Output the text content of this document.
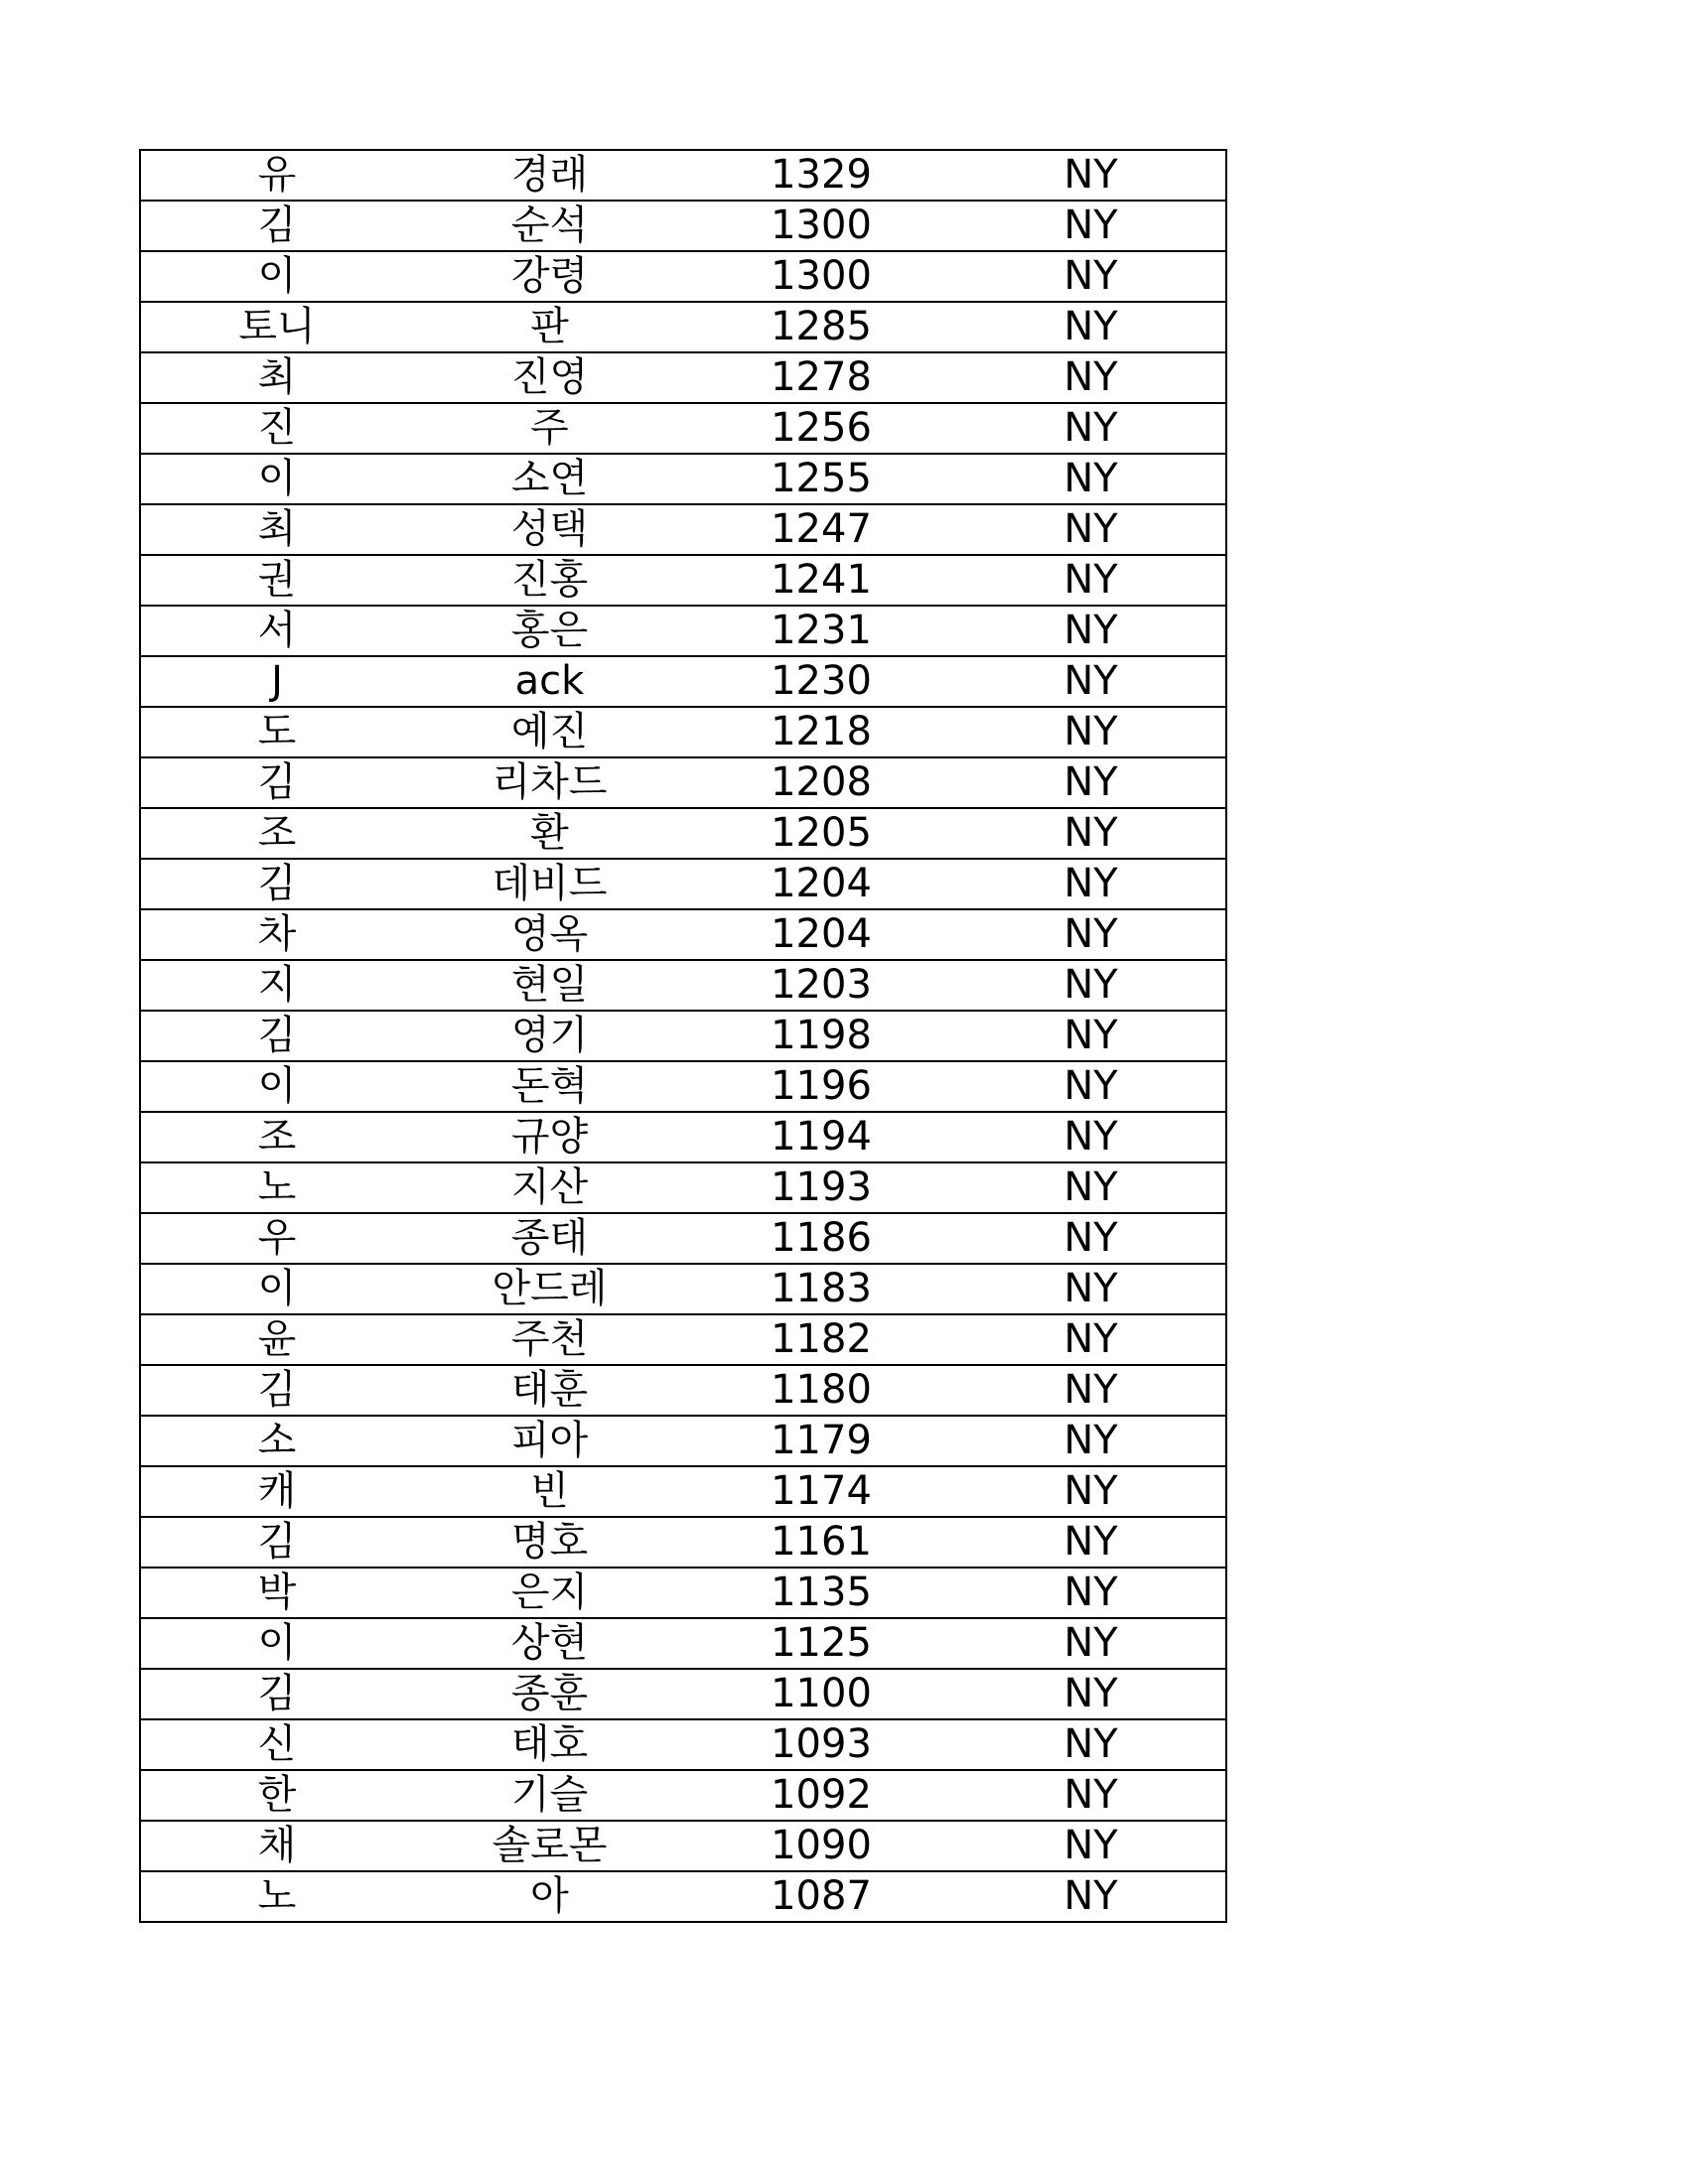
유	경래	1329	NY
김	순석	1300	NY
이	강령	1300	NY
토니	판	1285	NY
최	진영	1278	NY
진	주	1256	NY
이	소연	1255	NY
최	성택	1247	NY
권	진홍	1241	NY
서	홍은	1231	NY
J	ack	1230	NY
도	예진	1218	NY
김	리차드	1208	NY
조	환	1205	NY
김	데비드	1204	NY
차	영옥	1204	NY
지	현일	1203	NY
김	영기	1198	NY
이	돈혁	1196	NY
조	규양	1194	NY
노	지산	1193	NY
우	종태	1186	NY
이	안드레	1183	NY
윤	주천	1182	NY
김	태훈	1180	NY
소	피아	1179	NY
캐	빈	1174	NY
김	명호	1161	NY
박	은지	1135	NY
이	상현	1125	NY
김	종훈	1100	NY
신	태호	1093	NY
한	기슬	1092	NY
채	솔로몬	1090	NY
노	아	1087	NY
